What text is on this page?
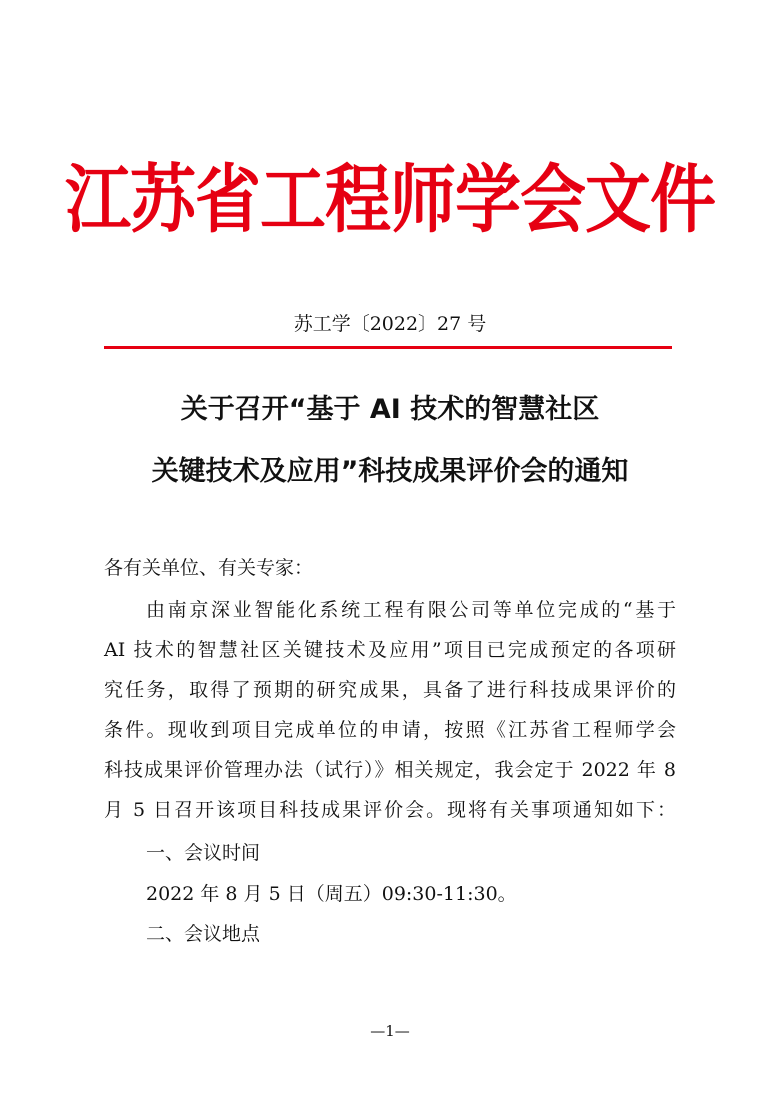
江苏省工程师学会文件
苏工学〔2022〕27 号
关于召开“基于 AI 技术的智慧社区
关键技术及应用”科技成果评价会的通知
各有关单位、有关专家：
由南京深业智能化系统工程有限公司等单位完成的“基于
AI 技术的智慧社区关键技术及应用”项目已完成预定的各项研
究任务，取得了预期的研究成果，具备了进行科技成果评价的
条件。现收到项目完成单位的申请，按照《江苏省工程师学会
科技成果评价管理办法（试行）》相关规定，我会定于 2022 年 8
月 5 日召开该项目科技成果评价会。现将有关事项通知如下：
一、会议时间
2022 年 8 月 5 日（周五）09:30-11:30。
二、会议地点
—1—
